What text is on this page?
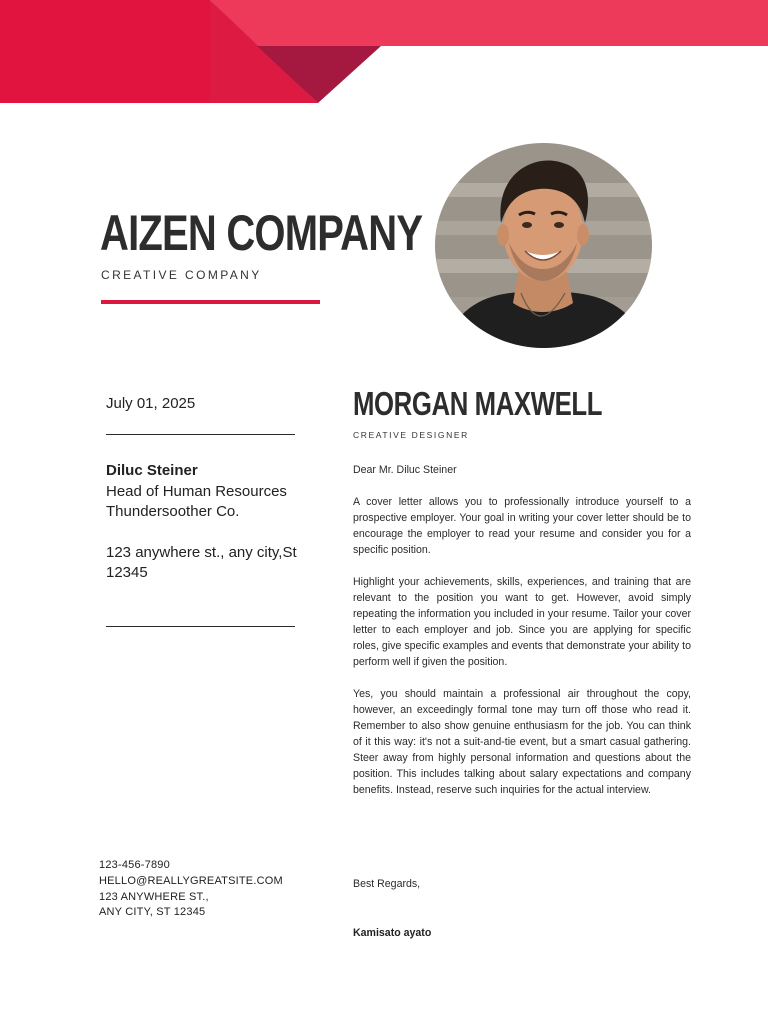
AIZEN COMPANY
CREATIVE COMPANY
July 01, 2025
Diluc Steiner
Head of Human Resources
Thundersoother Co.
123 anywhere st., any city,St 12345
123-456-7890
HELLO@REALLYGREATSITE.COM
123 ANYWHERE ST.,
ANY CITY, ST 12345
MORGAN MAXWELL
CREATIVE DESIGNER

Dear Mr. Diluc Steiner

A cover letter allows you to professionally introduce yourself to a prospective employer. Your goal in writing your cover letter should be to encourage the employer to read your resume and consider you for a specific position.

Highlight your achievements, skills, experiences, and training that are relevant to the position you want to get. However, avoid simply repeating the information you included in your resume. Tailor your cover letter to each employer and job. Since you are applying for specific roles, give specific examples and events that demonstrate your ability to perform well if given the position.

Yes, you should maintain a professional air throughout the copy, however, an exceedingly formal tone may turn off those who read it. Remember to also show genuine enthusiasm for the job. You can think of it this way: it's not a suit-and-tie event, but a smart casual gathering. Steer away from highly personal information and questions about the position. This includes talking about salary expectations and company benefits. Instead, reserve such inquiries for the actual interview.

Best Regards,
Kamisato ayato
